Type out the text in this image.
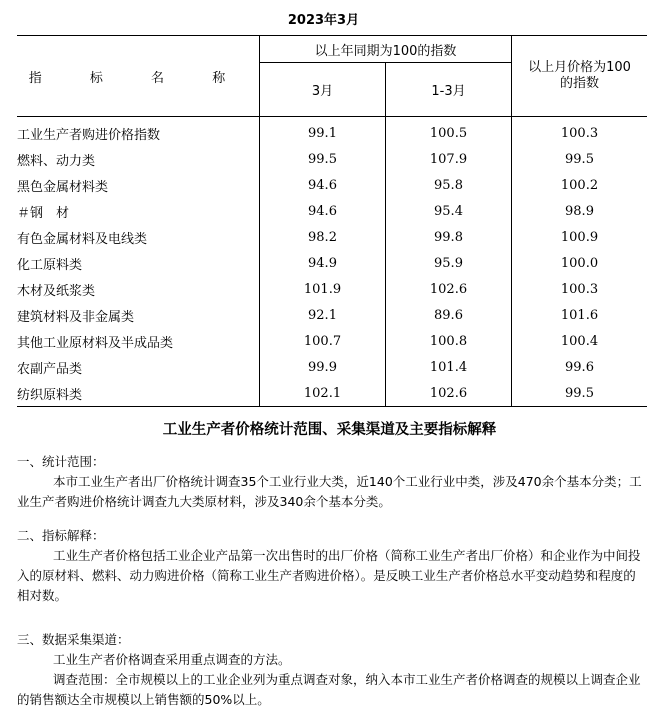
2023年3月
指 标 名 称	以上年同期为100的指数		以上月价格为100
的指数
	3月	1-3月	
工业生产者购进价格指数	99.1	100.5	100.3
燃料、动力类	99.5	107.9	99.5
黑色金属材料类	94.6	95.8	100.2
＃钢　材	94.6	95.4	98.9
有色金属材料及电线类	98.2	99.8	100.9
化工原料类	94.9	95.9	100.0
木材及纸浆类	101.9	102.6	100.3
建筑材料及非金属类	92.1	89.6	101.6
其他工业原材料及半成品类	100.7	100.8	100.4
农副产品类	99.9	101.4	99.6
纺织原料类	102.1	102.6	99.5
工业生产者价格统计范围、采集渠道及主要指标解释

一、统计范围：

本市工业生产者出厂价格统计调查35个工业行业大类，近140个工业行业中类，涉及470余个基本分类；工业生产者购进价格统计调查九大类原材料，涉及340余个基本分类。

二、指标解释：

工业生产者价格包括工业企业产品第一次出售时的出厂价格（简称工业生产者出厂价格）和企业作为中间投入的原材料、燃料、动力购进价格（简称工业生产者购进价格）。是反映工业生产者价格总水平变动趋势和程度的相对数。

三、数据采集渠道：

工业生产者价格调查采用重点调查的方法。

调查范围：全市规模以上的工业企业列为重点调查对象，纳入本市工业生产者价格调查的规模以上调查企业的销售额达全市规模以上销售额的50%以上。
